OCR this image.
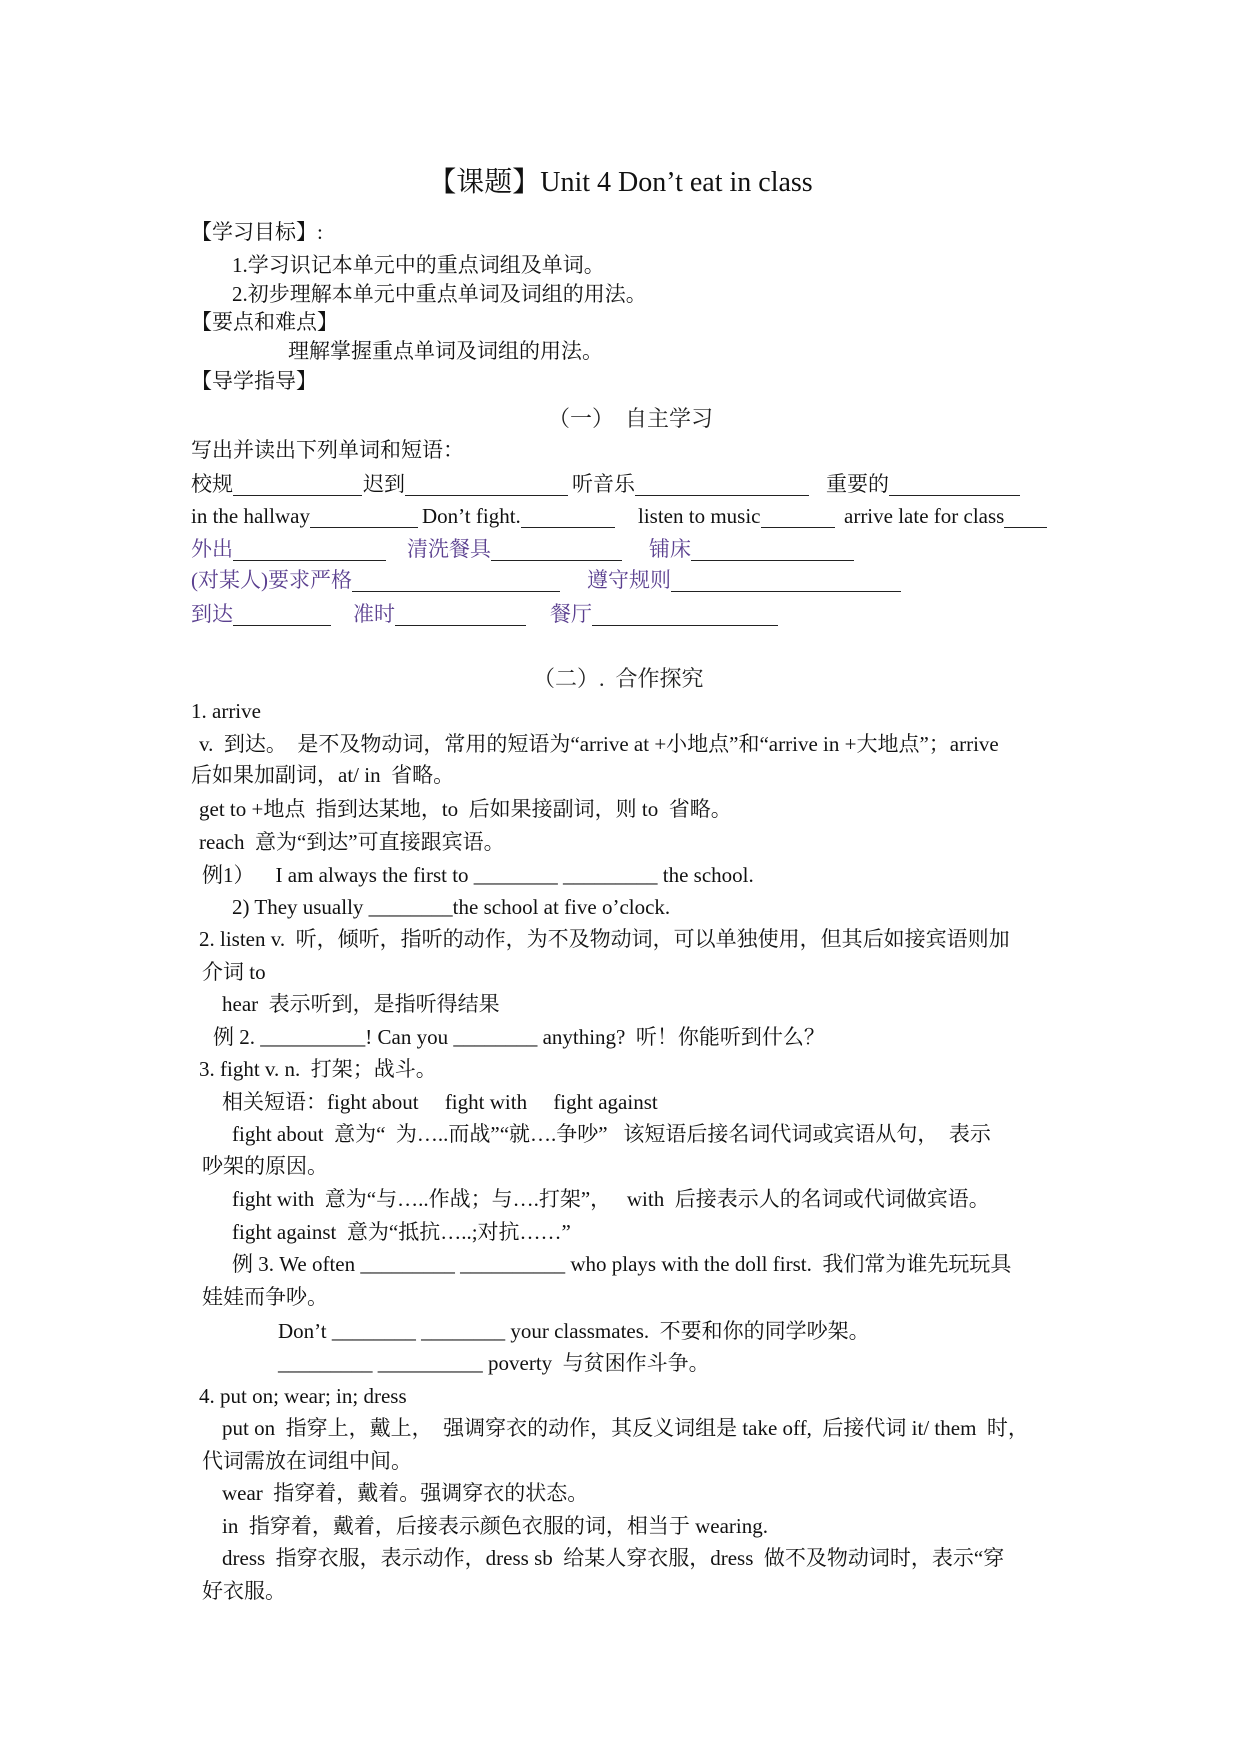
【课题】Unit 4 Don’t eat in class
【学习目标】:
1.学习识记本单元中的重点词组及单词。
2.初步理解本单元中重点单词及词组的用法。
【要点和难点】
理解掌握重点单词及词组的用法。
【导学指导】
（一）  自主学习
写出并读出下列单词和短语：
校规	迟到	听音乐	重要的
in the hallway	Don’t fight.	listen to music	arrive late for class
外出	清洗餐具	铺床
(对某人)要求严格	遵守规则
到达	准时	餐厅
（二）.  合作探究
1. arrive
v.  到达。  是不及物动词，常用的短语为“arrive at +小地点”和“arrive in +大地点”；arrive
后如果加副词，at/ in  省略。
get to +地点  指到达某地，to  后如果接副词，则 to  省略。
reach  意为“到达”可直接跟宾语。
例1）    I am always the first to ________ _________ the school.
2) They usually ________the school at five o’clock.
2. listen v.  听，倾听，指听的动作，为不及物动词，可以单独使用，但其后如接宾语则加
介词 to
hear  表示听到，是指听得结果
例 2. __________! Can you ________ anything?  听！你能听到什么？
3. fight v. n.  打架；战斗。
相关短语：fight about     fight with     fight against
fight about  意为“  为…..而战”“就….争吵”   该短语后接名词代词或宾语从句，  表示
吵架的原因。
fight with  意为“与…..作战；与….打架”，   with  后接表示人的名词或代词做宾语。
fight against  意为“抵抗…..;对抗……”
例 3. We often _________ __________ who plays with the doll first.  我们常为谁先玩玩具
娃娃而争吵。
Don’t ________ ________ your classmates.  不要和你的同学吵架。
_________ __________ poverty  与贫困作斗争。
4. put on; wear; in; dress
put on  指穿上，戴上，  强调穿衣的动作，其反义词组是 take off,  后接代词 it/ them  时，
代词需放在词组中间。
wear  指穿着，戴着。强调穿衣的状态。
in  指穿着，戴着，后接表示颜色衣服的词，相当于 wearing.
dress  指穿衣服，表示动作，dress sb  给某人穿衣服，dress  做不及物动词时，表示“穿
好衣服。
